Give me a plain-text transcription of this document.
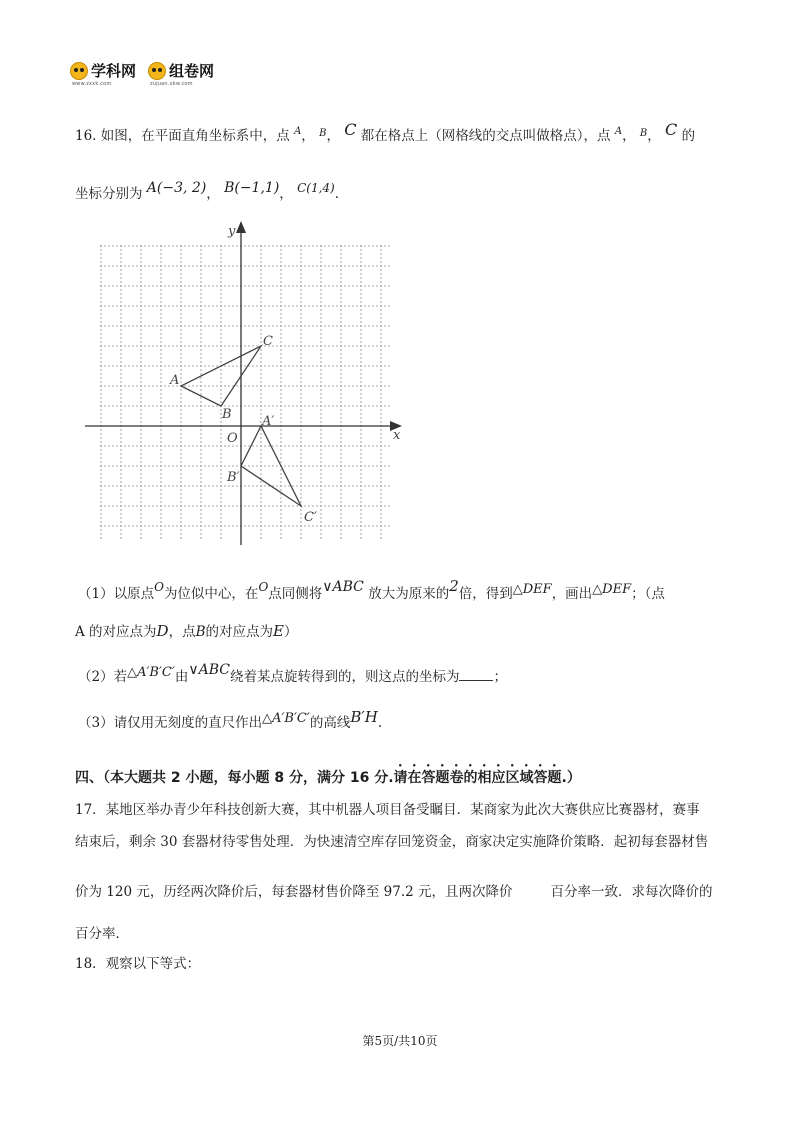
学科网
www.zxxk.com
组卷网
zujuan.xkw.com
16. 如图，在平面直角坐标系中，点 $^A$， $^B$， C 都在格点上（网格线的交点叫做格点），点 $^A$， $^B$， C 的
坐标分别为 A(−3, 2)， B(−1,1)， C(1,4).
x
y
O
A
B
C
A′
B′
C′
（1）以原点O为位似中心，在O点同侧将∨ABC 放大为原来的2倍，得到△DEF，画出△DEF；（点
A 的对应点为D，点B的对应点为E）
（2）若△A′B′C′由∨ABC绕着某点旋转得到的，则这点的坐标为	；
（3）请仅用无刻度的直尺作出△A′B′C′的高线B′H.
四、（本大题共 2 小题，每小题 8 分，满分 16 分.请在答题卷的相应区域答题.）
17．某地区举办青少年科技创新大赛，其中机器人项目备受瞩目．某商家为此次大赛供应比赛器材，赛事
结束后，剩余 30 套器材待零售处理．为快速清空库存回笼资金，商家决定实施降价策略．起初每套器材售
价为 120 元，历经两次降价后，每套器材售价降至 97.2 元，且两次降价	百分率一致．求每次降价的
百分率．
18．观察以下等式：
第5页/共10页
